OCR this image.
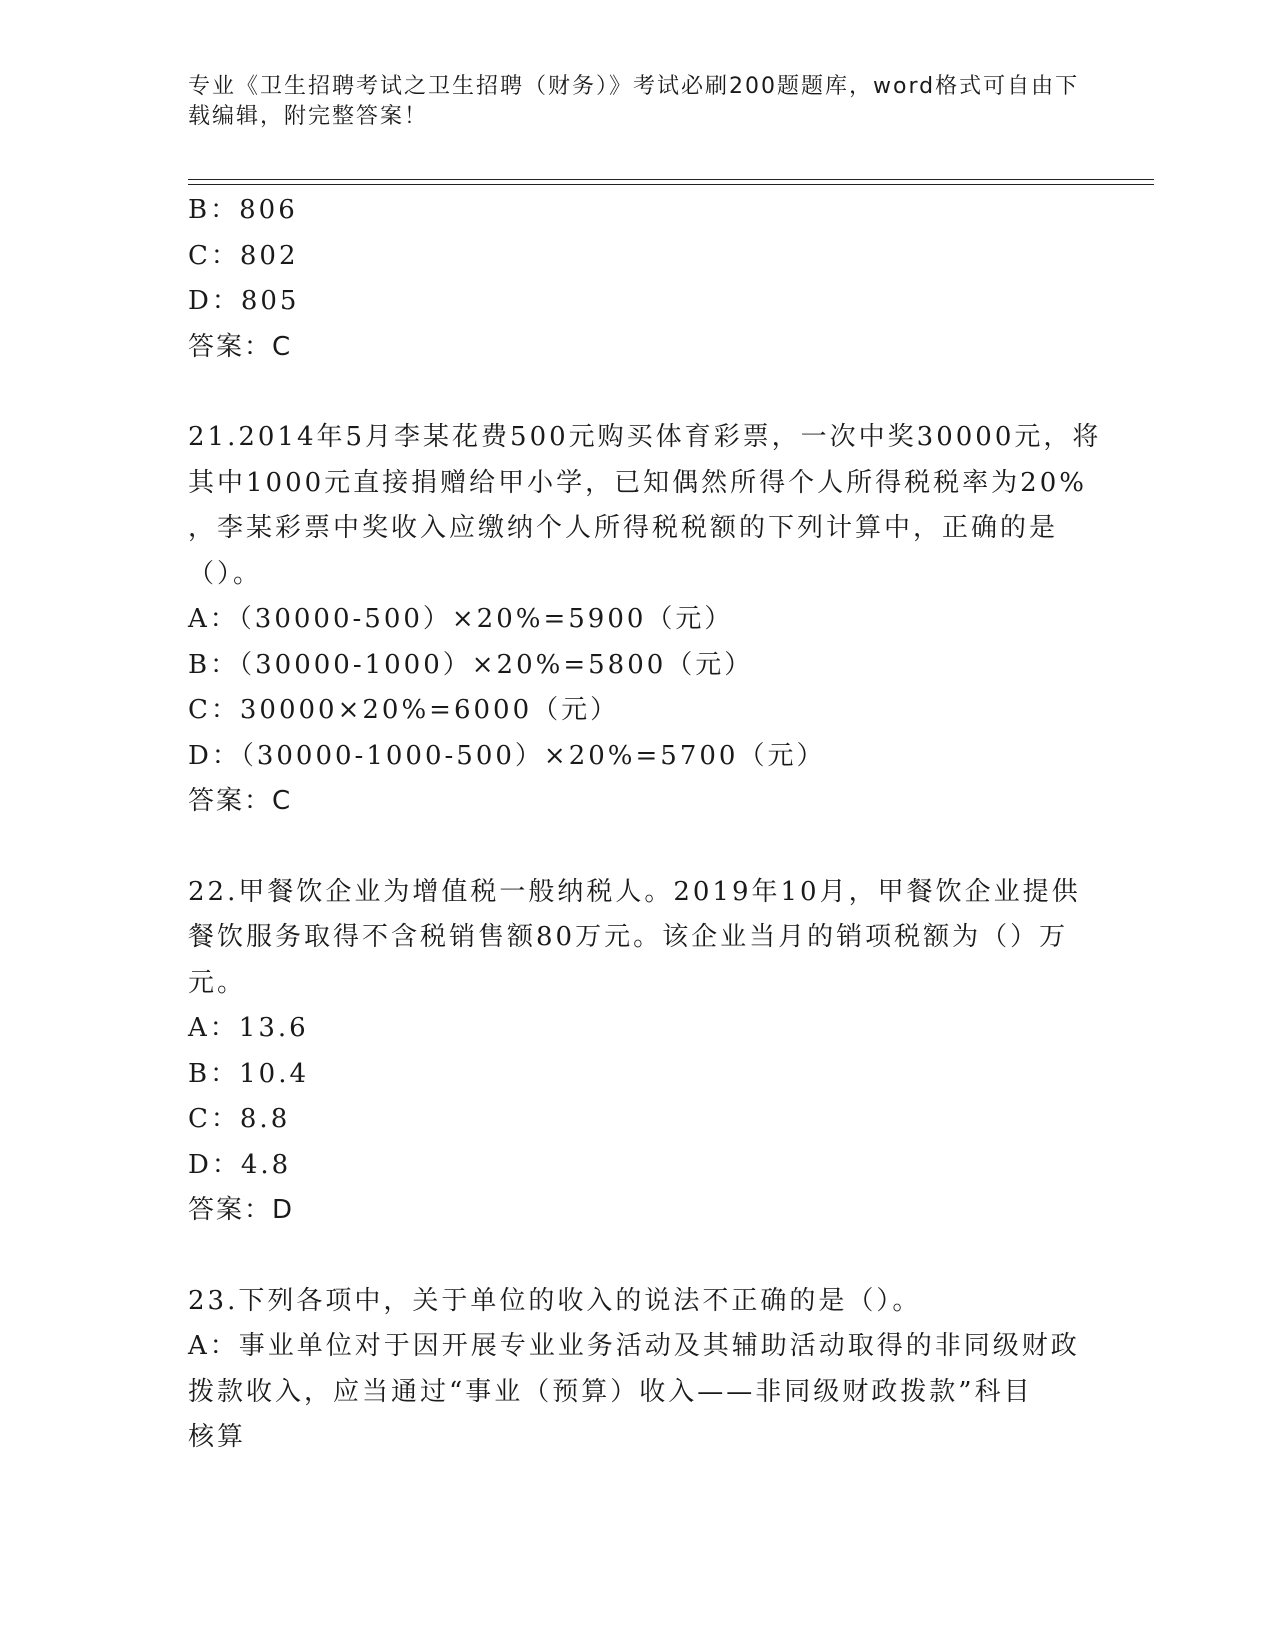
专业《卫生招聘考试之卫生招聘（财务）》考试必刷200题题库，word格式可自由下载编辑，附完整答案！
B：806
C：802
D：805
答案：C
21.2014年5月李某花费500元购买体育彩票，一次中奖30000元，将
其中1000元直接捐赠给甲小学，已知偶然所得个人所得税税率为20%
，李某彩票中奖收入应缴纳个人所得税税额的下列计算中，正确的是
（）。
A：（30000-500）×20%=5900（元）
B：（30000-1000）×20%=5800（元）
C：30000×20%=6000（元）
D：（30000-1000-500）×20%=5700（元）
答案：C
22.甲餐饮企业为增值税一般纳税人。2019年10月，甲餐饮企业提供
餐饮服务取得不含税销售额80万元。该企业当月的销项税额为（）万
元。
A：13.6
B：10.4
C：8.8
D：4.8
答案：D
23.下列各项中，关于单位的收入的说法不正确的是（）。
A：事业单位对于因开展专业业务活动及其辅助活动取得的非同级财政
拨款收入，应当通过“事业（预算）收入——非同级财政拨款”科目
核算
